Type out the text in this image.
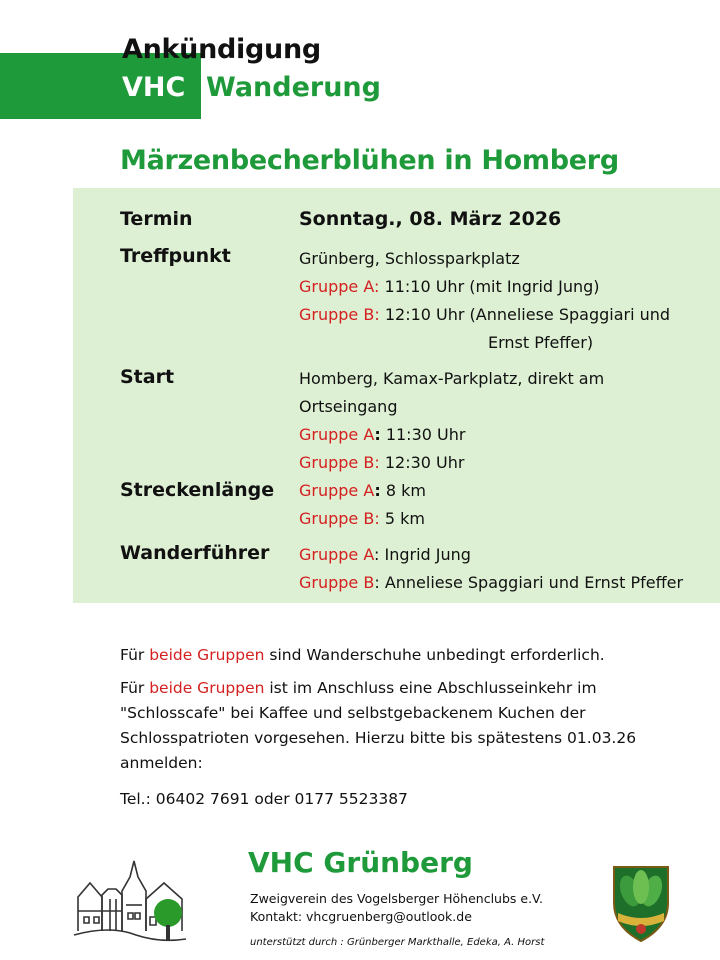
Ankündigung
VHC Wanderung
Märzenbecherblühen in Homberg
Termin	Sonntag., 08. März 2026
Treffpunkt	Grünberg, Schlossparkplatz
Gruppe A: 11:10 Uhr (mit Ingrid Jung)
Gruppe B: 12:10 Uhr (Anneliese Spaggiari und
Ernst Pfeffer)
Start	Homberg, Kamax-Parkplatz, direkt am
Ortseingang
Gruppe A: 11:30 Uhr
Gruppe B: 12:30 Uhr
Streckenlänge Gruppe A: 8 km
Gruppe B: 5 km
Wanderführer Gruppe A: Ingrid Jung
Gruppe B: Anneliese Spaggiari und Ernst Pfeffer
Für beide Gruppen sind Wanderschuhe unbedingt erforderlich.
Für beide Gruppen ist im Anschluss eine Abschlusseinkehr im
"Schlosscafe" bei Kaffee und selbstgebackenem Kuchen der
Schlosspatrioten vorgesehen. Hierzu bitte bis spätestens 01.03.26
anmelden:
Tel.: 06402 7691 oder 0177 5523387
VHC Grünberg
Zweigverein des Vogelsberger Höhenclubs e.V.
Kontakt: vhcgruenberg@outlook.de
unterstützt durch : Grünberger Markthalle, Edeka, A. Horst
